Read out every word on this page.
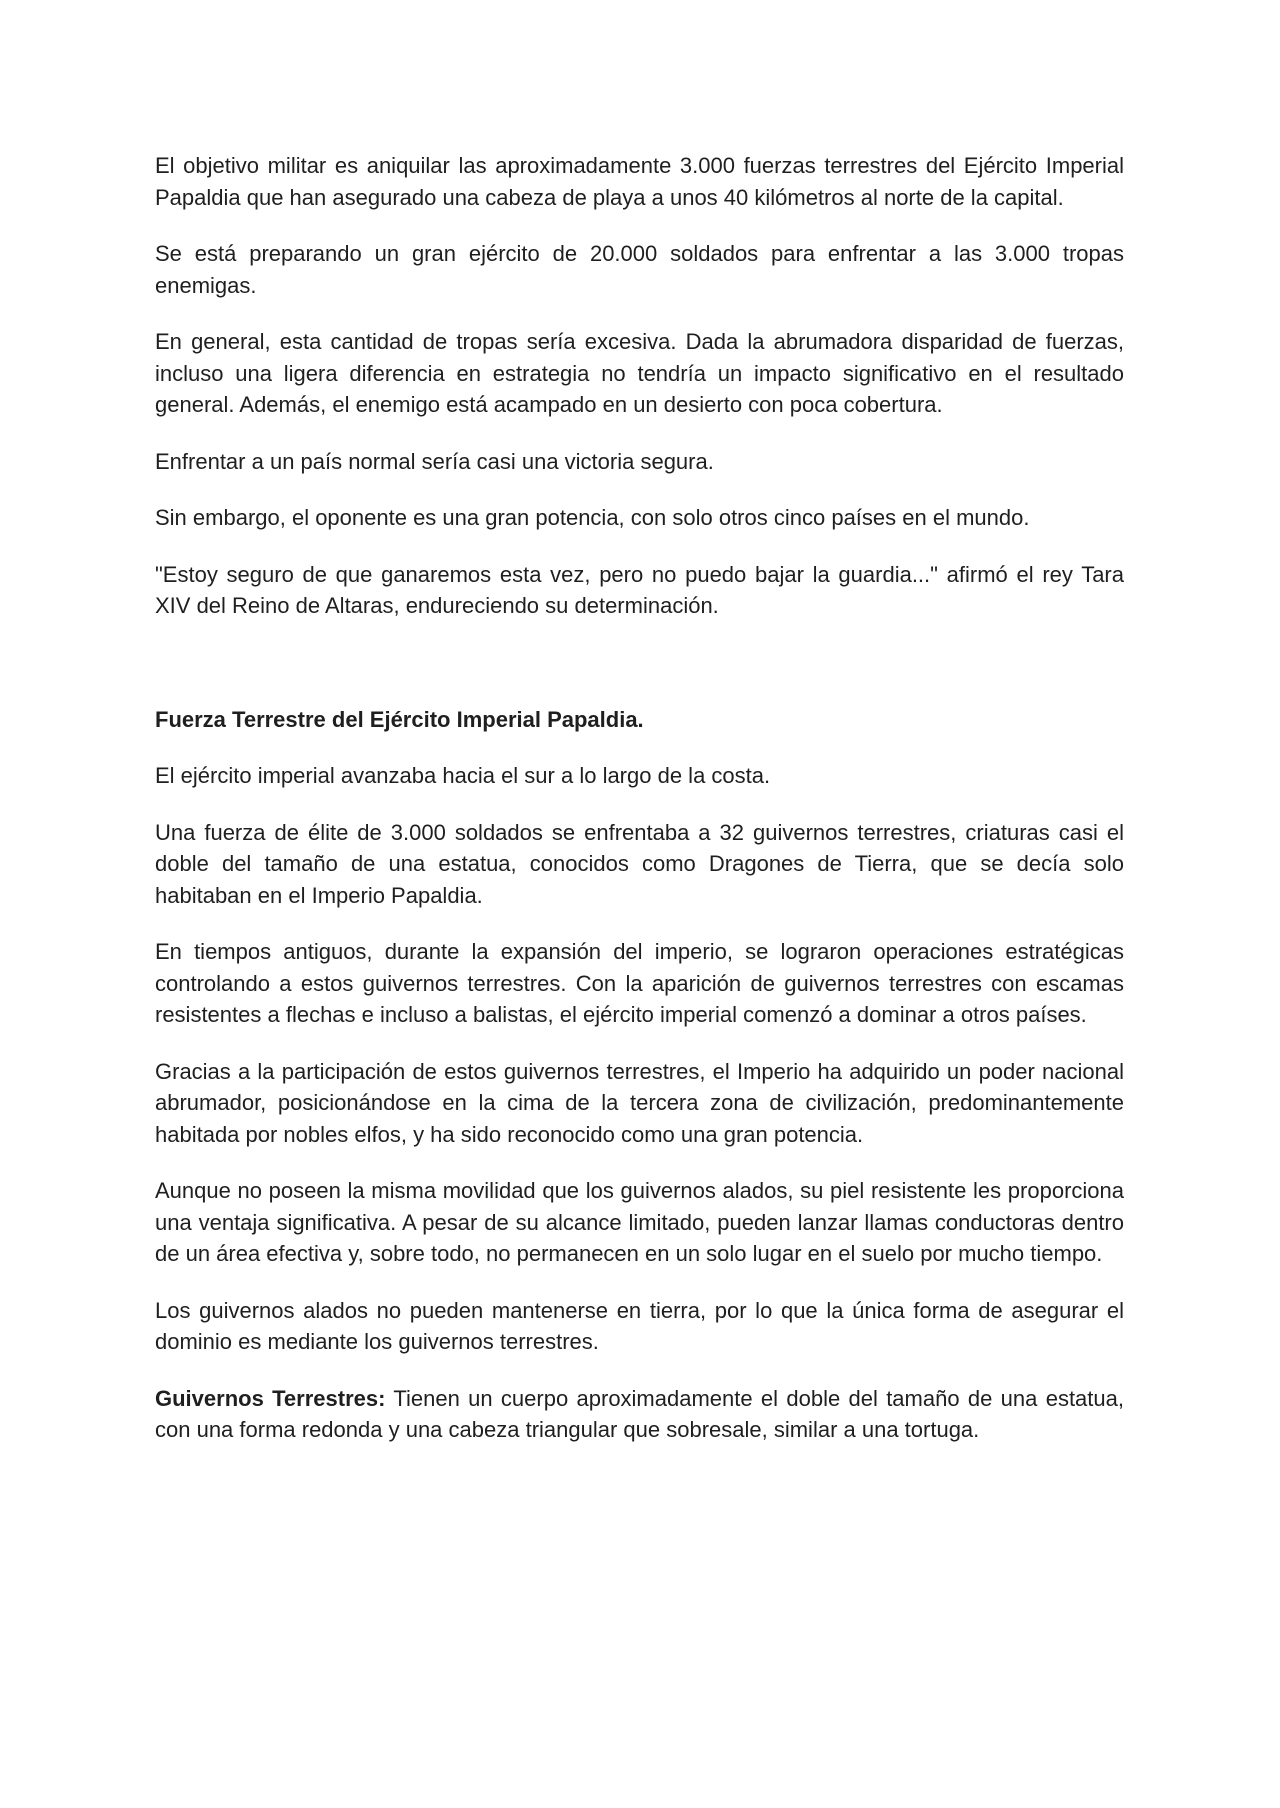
El objetivo militar es aniquilar las aproximadamente 3.000 fuerzas terrestres del Ejército Imperial Papaldia que han asegurado una cabeza de playa a unos 40 kilómetros al norte de la capital.

Se está preparando un gran ejército de 20.000 soldados para enfrentar a las 3.000 tropas enemigas.

En general, esta cantidad de tropas sería excesiva. Dada la abrumadora disparidad de fuerzas, incluso una ligera diferencia en estrategia no tendría un impacto significativo en el resultado general. Además, el enemigo está acampado en un desierto con poca cobertura.

Enfrentar a un país normal sería casi una victoria segura.

Sin embargo, el oponente es una gran potencia, con solo otros cinco países en el mundo.

"Estoy seguro de que ganaremos esta vez, pero no puedo bajar la guardia..." afirmó el rey Tara XIV del Reino de Altaras, endureciendo su determinación.

Fuerza Terrestre del Ejército Imperial Papaldia.

El ejército imperial avanzaba hacia el sur a lo largo de la costa.

Una fuerza de élite de 3.000 soldados se enfrentaba a 32 guivernos terrestres, criaturas casi el doble del tamaño de una estatua, conocidos como Dragones de Tierra, que se decía solo habitaban en el Imperio Papaldia.

En tiempos antiguos, durante la expansión del imperio, se lograron operaciones estratégicas controlando a estos guivernos terrestres. Con la aparición de guivernos terrestres con escamas resistentes a flechas e incluso a balistas, el ejército imperial comenzó a dominar a otros países.

Gracias a la participación de estos guivernos terrestres, el Imperio ha adquirido un poder nacional abrumador, posicionándose en la cima de la tercera zona de civilización, predominantemente habitada por nobles elfos, y ha sido reconocido como una gran potencia.

Aunque no poseen la misma movilidad que los guivernos alados, su piel resistente les proporciona una ventaja significativa. A pesar de su alcance limitado, pueden lanzar llamas conductoras dentro de un área efectiva y, sobre todo, no permanecen en un solo lugar en el suelo por mucho tiempo.

Los guivernos alados no pueden mantenerse en tierra, por lo que la única forma de asegurar el dominio es mediante los guivernos terrestres.

Guivernos Terrestres: Tienen un cuerpo aproximadamente el doble del tamaño de una estatua, con una forma redonda y una cabeza triangular que sobresale, similar a una tortuga.
